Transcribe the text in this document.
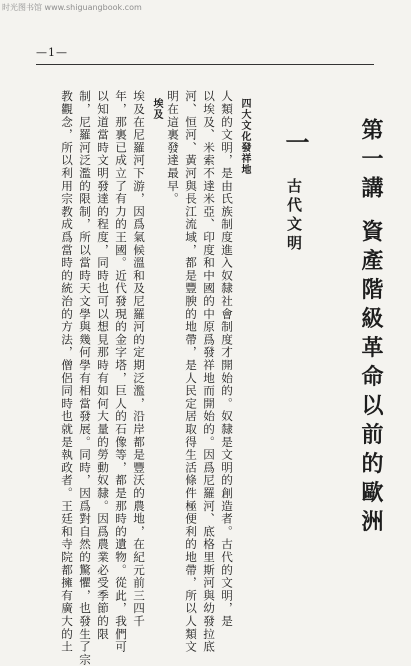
时光图书馆 www.shiguangbook.com
—1—
第一講 資產階級革命以前的歐洲
一
古代文明
四大文化發祥地
人類的文明，是由氏族制度進入奴隸社會制度才開始的。奴隸是文明的創造者。古代的文明，是
以埃及、米索不達米亞、印度和中國的中原爲發祥地而開始的。因爲尼羅河、底格里斯河與幼發拉底
河、恒河、黃河與長江流域，都是豐腴的地帶，是人民定居取得生活條件極便利的地帶，所以人類文
明在這裏發達最早。
埃及
埃及在尼羅河下游，因爲氣候溫和及尼羅河的定期泛濫，沿岸都是豐沃的農地，在紀元前三四千
年，那裏已成立了有力的王國。近代發現的金字塔，巨人的石像等，都是那時的遺物。從此，我們可
以知道當時文明發達的程度，同時也可以想見那時有如何大量的勞動奴隸。因爲農業必受季節的限
制，尼羅河泛濫的限制，所以當時天文學與幾何學有相當發展。同時，因爲對自然的驚懼，也發生了宗
教觀念，所以利用宗教成爲當時的統治的方法，僧侶同時也就是執政者。王廷和寺院都擁有廣大的土
